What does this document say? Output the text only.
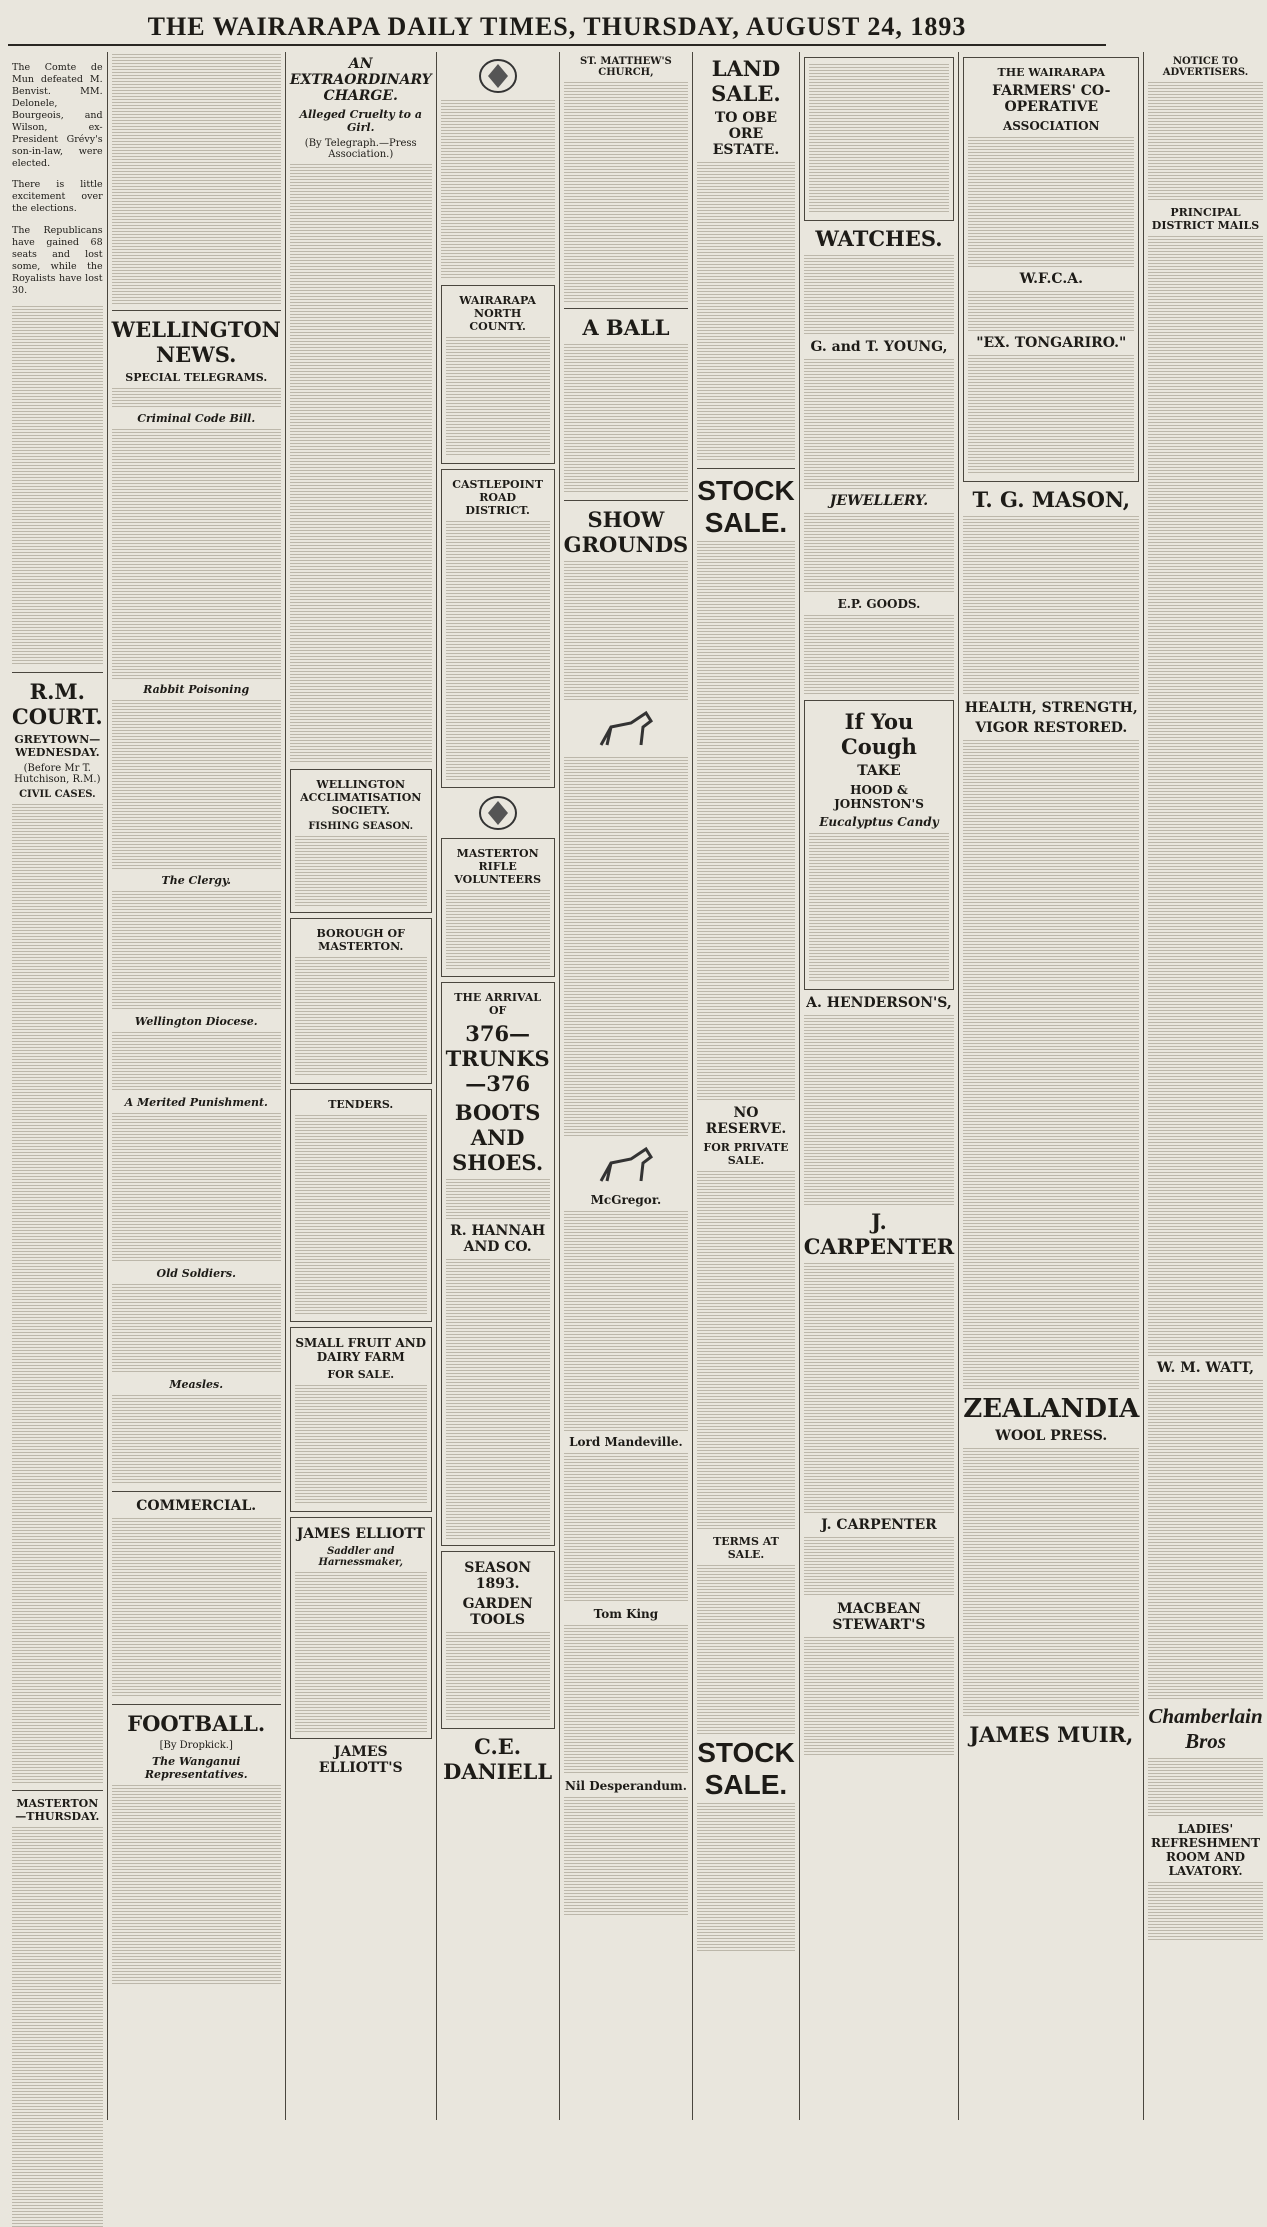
THE WAIRARAPA DAILY TIMES, THURSDAY, AUGUST 24, 1893

The Comte de Mun defeated M. Benvist. MM. Delonele, Bourgeois, and Wilson, ex-President Grévy's son-in-law, were elected.

There is little excitement over the elections.

The Republicans have gained 68 seats and lost some, while the Royalists have lost 30.

R.M. COURT.
GREYTOWN—WEDNESDAY.
(Before Mr T. Hutchison, R.M.)
CIVIL CASES.
MASTERTON—THURSDAY.
WELLINGTON NEWS.
SPECIAL TELEGRAMS.
Criminal Code Bill.
Rabbit Poisoning
The Clergy.
Wellington Diocese.
A Merited Punishment.
Old Soldiers.
Measles.
COMMERCIAL.
FOOTBALL.
[By Dropkick.]
The Wanganui Representatives.
AN EXTRAORDINARY CHARGE.
Alleged Cruelty to a Girl.
(By Telegraph.—Press Association.)
WELLINGTON ACCLIMATISATION SOCIETY.
FISHING SEASON.
BOROUGH OF MASTERTON.
TENDERS.
SMALL FRUIT AND DAIRY FARM
FOR SALE.
JAMES ELLIOTT
Saddler and Harnessmaker,
JAMES ELLIOTT'S
WAIRARAPA NORTH COUNTY.
CASTLEPOINT ROAD DISTRICT.
MASTERTON RIFLE VOLUNTEERS
THE ARRIVAL OF
376—TRUNKS—376
BOOTS AND SHOES.
R. HANNAH AND CO.
SEASON 1893.
GARDEN TOOLS
C.E. DANIELL
ST. MATTHEW'S CHURCH,
A BALL
SHOW GROUNDS
McGregor.
Lord Mandeville.
Tom King
Nil Desperandum.
LAND SALE.
TO OBE ORE ESTATE.
STOCK SALE.
NO RESERVE.
FOR PRIVATE SALE.
TERMS AT SALE.
STOCK SALE.
WATCHES.
G. and T. YOUNG,
JEWELLERY.
E.P. GOODS.
If You Cough
TAKE
HOOD & JOHNSTON'S
Eucalyptus Candy
A. HENDERSON'S,
J. CARPENTER
J. CARPENTER
MACBEAN STEWART'S
THE WAIRARAPA
FARMERS' CO-OPERATIVE
ASSOCIATION
W.F.C.A.
"EX. TONGARIRO."
T. G. MASON,
HEALTH, STRENGTH,
VIGOR RESTORED.
ZEALANDIA
WOOL PRESS.
JAMES MUIR,
NOTICE TO ADVERTISERS.
PRINCIPAL DISTRICT MAILS
W. M. WATT,
Chamberlain Bros
LADIES' REFRESHMENT ROOM AND LAVATORY.
